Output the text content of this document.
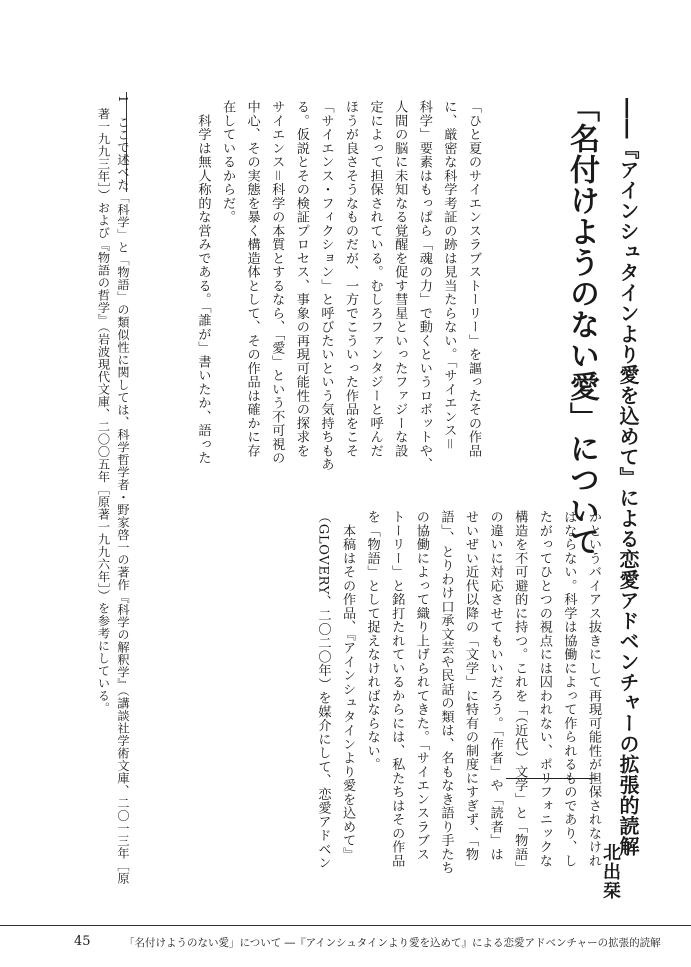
「名付けようのない愛」について ――『アインシュタインより愛を込めて』による恋愛アドベンチャーの拡張的読解
北出栞

「ひと夏のサイエンスラブストーリー」を謳ったその作品

に、厳密な科学考証の跡は見当たらない。「サイエンス＝

科学」要素はもっぱら「魂の力」で動くというロボットや、

人間の脳に未知なる覚醒を促す彗星といったファジーな設

定によって担保されている。むしろファンタジーと呼んだ

ほうが良さそうなものだが、一方でこういった作品をこそ

「サイエンス・フィクション」と呼びたいという気持ちもあ

る。仮説とその検証プロセス、事象の再現可能性の探求を

サイエンス＝科学の本質とするなら、「愛」という不可視の

中心、その実態を暴く構造体として、その作品は確かに存

在しているからだ。

　科学は無人称的な営みである。「誰が」書いたか、語った

かというバイアス抜きにして再現可能性が担保されなけれ

ばならない。科学は協働によって作られるものであり、し

たがってひとつの視点には囚われない、ポリフォニックな

構造を不可避的に持つ。これを「（近代）文学」と「物語」

の違いに対応させてもいいだろう。「作者」や「読者」は

せいぜい近代以降の「文学」に特有の制度にすぎず、「物

語」、とりわけ口承文芸や民話の類は、名もなき語り手たち

の協働によって織り上げられてきた。「サイエンスラブス

トーリー」と銘打たれているからには、私たちはその作品

を「物語」として捉えなければならない。

　本稿はその作品、『アインシュタインより愛を込めて』

（GLOVERY、二〇二〇年）を媒介にして、恋愛アドベン

1　ここで述べた「科学」と「物語」の類似性に関しては、科学哲学者・野家啓一の著作『科学の解釈学』（講談社学術文庫、二〇一三年［原

　著一九九三年］）および『物語の哲学』（岩波現代文庫、二〇〇五年［原著一九九六年］）を参考にしている。

45	「名付けようのない愛」について ―『アインシュタインより愛を込めて』による恋愛アドベンチャーの拡張的読解
